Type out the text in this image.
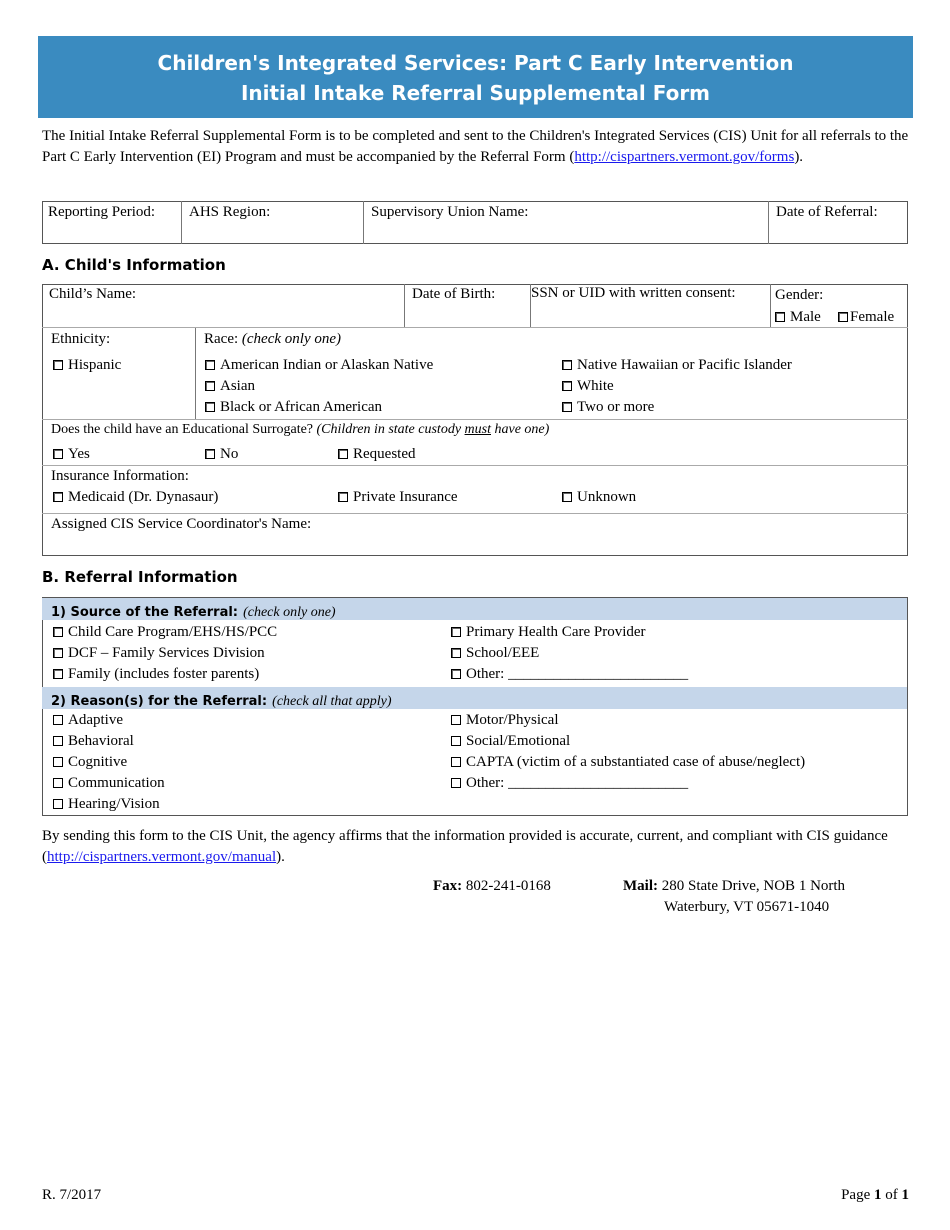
Children's Integrated Services: Part C Early Intervention
Initial Intake Referral Supplemental Form
The Initial Intake Referral Supplemental Form is to be completed and sent to the Children's Integrated Services (CIS) Unit for all referrals to the Part C Early Intervention (EI) Program and must be accompanied by the Referral Form (http://cispartners.vermont.gov/forms).
Reporting Period:	AHS Region:	Supervisory Union Name:	Date of Referral:
A. Child's Information
Child’s Name:	Date of Birth: SSN or UID with written consent:	Gender:
Male	Female
Ethnicity:	Race: (check only one)
Hispanic	American Indian or Alaskan Native
Asian
Black or African American
Native Hawaiian or Pacific Islander
White
Two or more
Does the child have an Educational Surrogate? (Children in state custody must have one)
Yes	No	Requested
Insurance Information:
Medicaid (Dr. Dynasaur)	Private Insurance	Unknown
Assigned CIS Service Coordinator's Name:
B. Referral Information
1) Source of the Referral: (check only one)
Child Care Program/EHS/HS/PCC
DCF – Family Services Division
Family (includes foster parents)
Primary Health Care Provider
School/EEE
Other: ________________________
2) Reason(s) for the Referral: (check all that apply)
Adaptive
Behavioral
Cognitive
Communication
Hearing/Vision
Motor/Physical
Social/Emotional
CAPTA (victim of a substantiated case of abuse/neglect)
Other: ________________________
By sending this form to the CIS Unit, the agency affirms that the information provided is accurate, current, and compliant with CIS guidance (http://cispartners.vermont.gov/manual).
Fax: 802-241-0168	Mail: 280 State Drive, NOB 1 North
Waterbury, VT 05671-1040
R. 7/2017	Page 1 of 1
